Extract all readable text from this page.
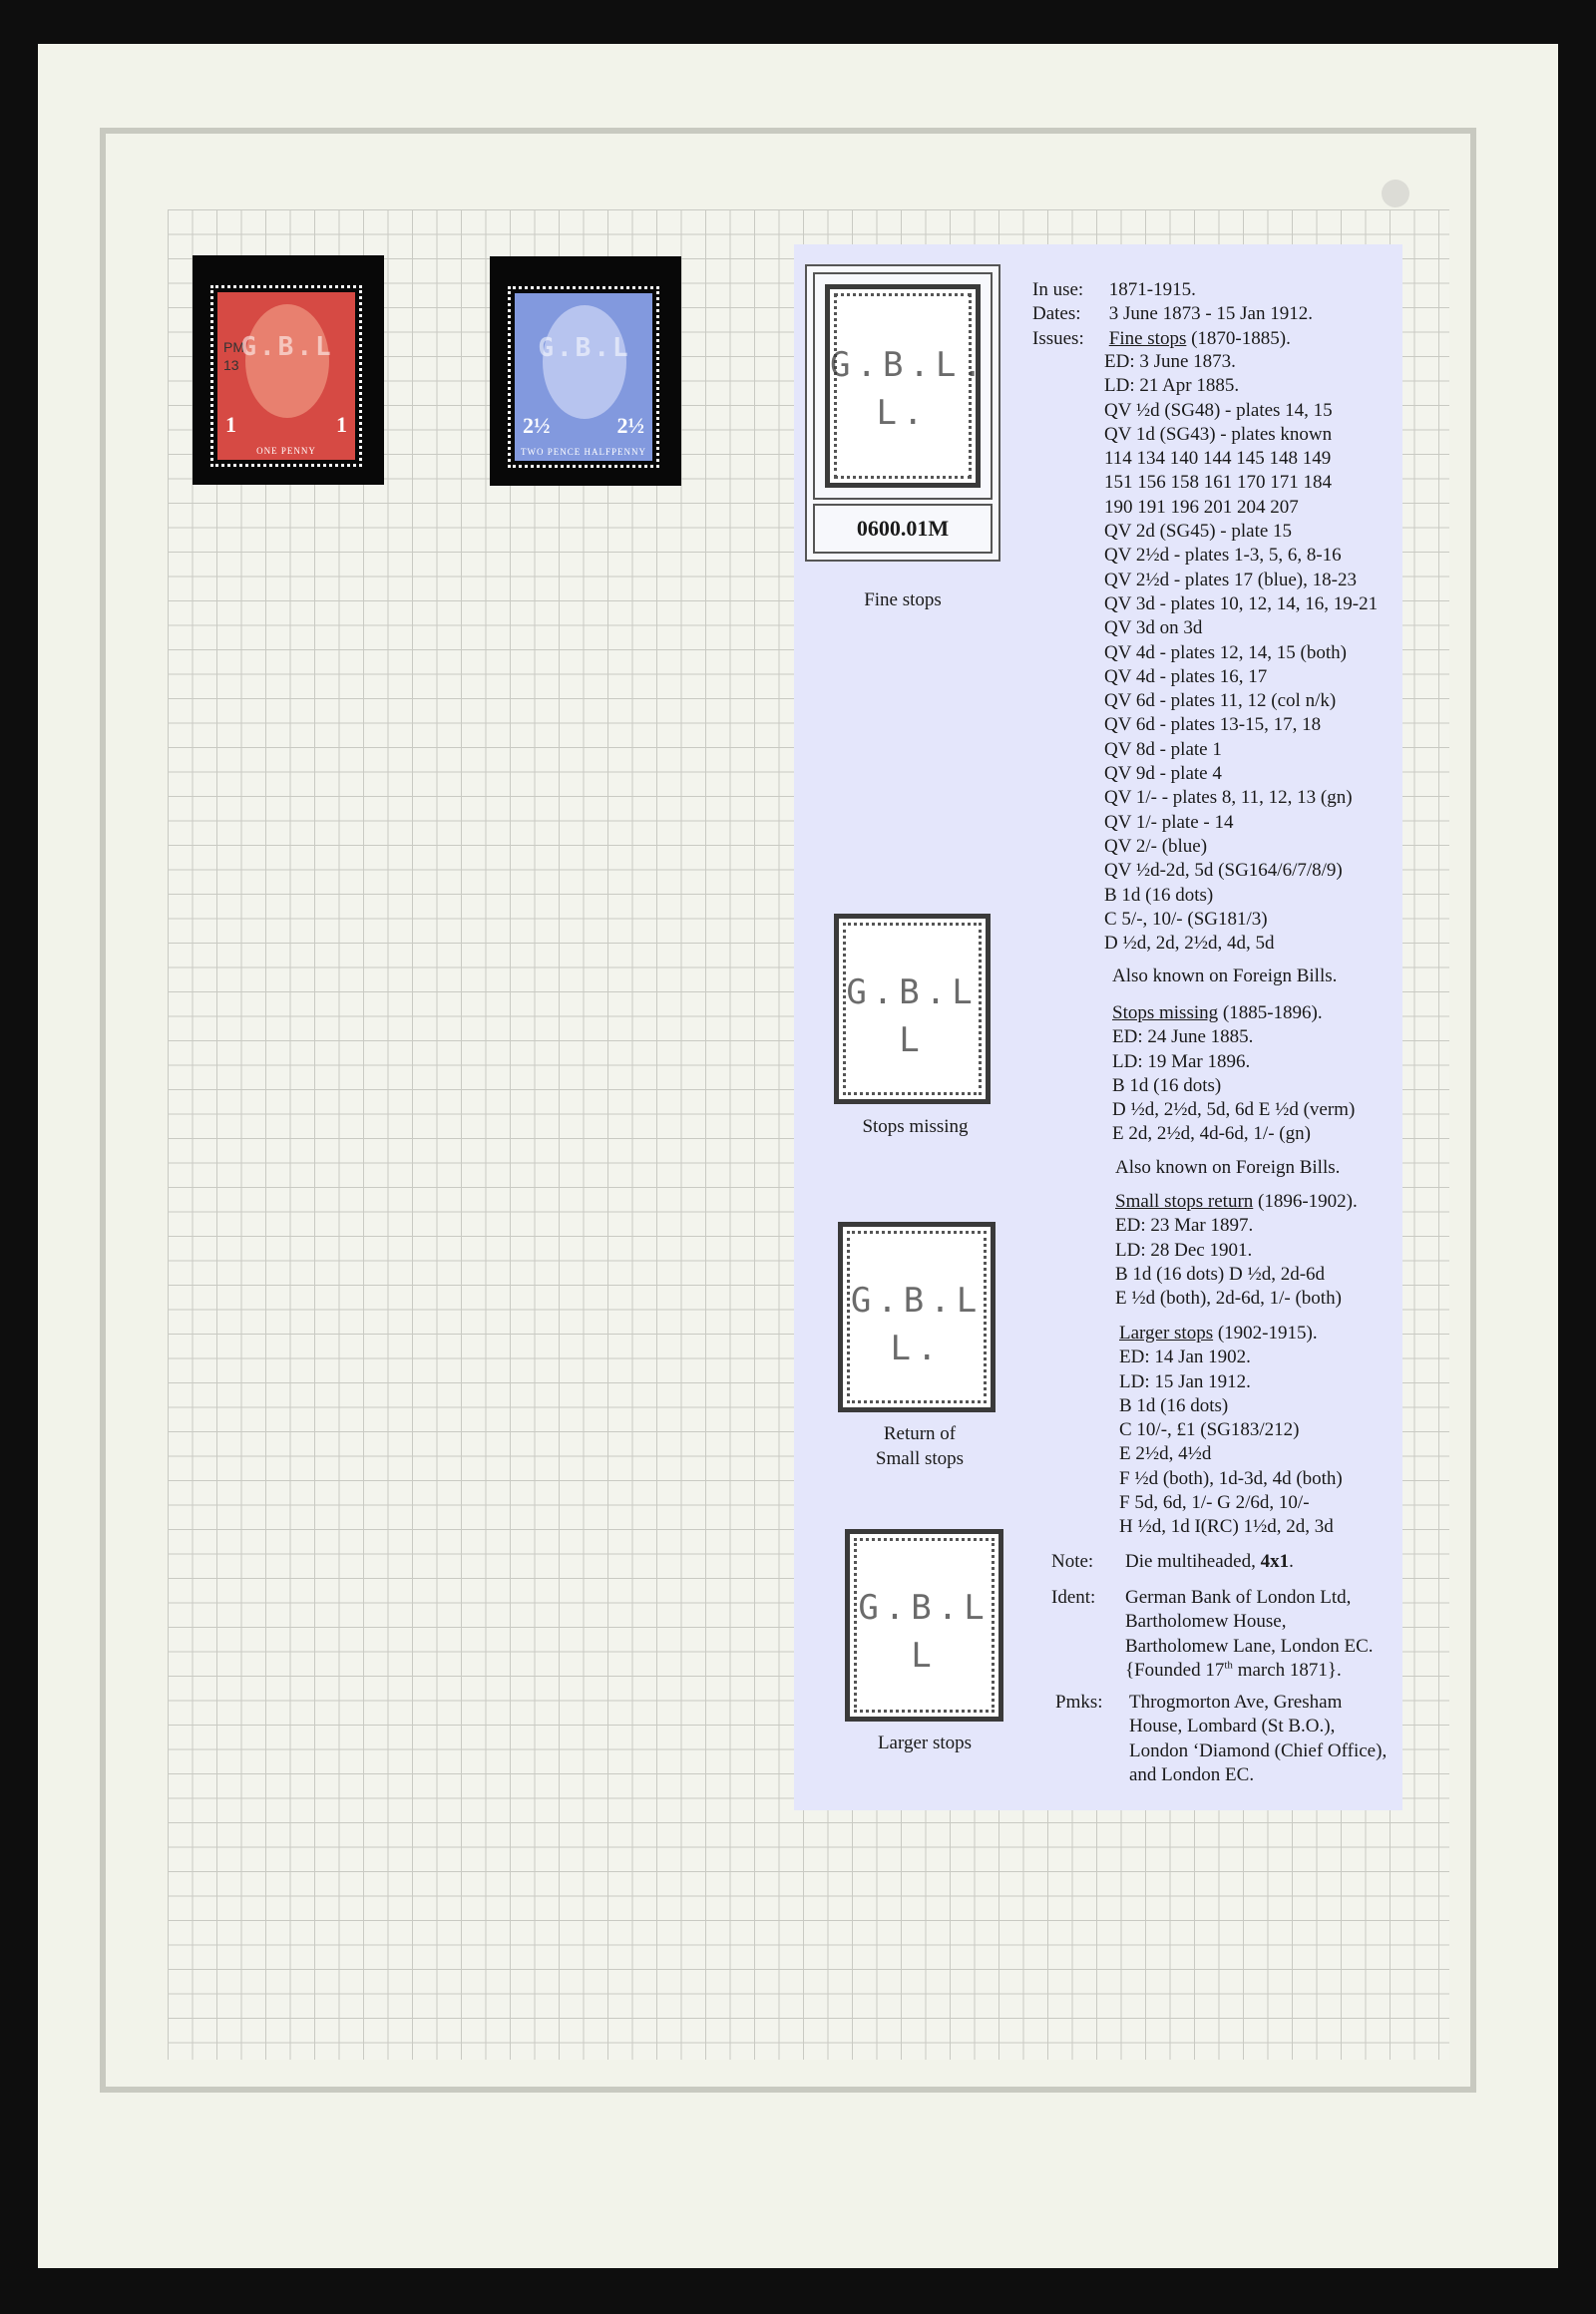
PM
13
G.B.L
1	1
ONE PENNY
G.B.L
2½	2½
TWO PENCE HALFPENNY
G.B.L.
L.
0600.01M
Fine stops
G.B.L
L
Stops missing
G.B.L
L.
Return of
Small stops
G.B.L
L
Larger stops
In use: 1871-1915.
Dates: 3 June 1873 - 15 Jan 1912.
Issues: Fine stops (1870-1885).
ED: 3 June 1873.
LD: 21 Apr 1885.
QV ½d (SG48) - plates 14, 15
QV 1d (SG43) - plates known
114 134 140 144 145 148 149
151 156 158 161 170 171 184
190 191 196 201 204 207
QV 2d (SG45) - plate 15
QV 2½d - plates 1-3, 5, 6, 8-16
QV 2½d - plates 17 (blue), 18-23
QV 3d - plates 10, 12, 14, 16, 19-21
QV 3d on 3d
QV 4d - plates 12, 14, 15 (both)
QV 4d - plates 16, 17
QV 6d - plates 11, 12 (col n/k)
QV 6d - plates 13-15, 17, 18
QV 8d - plate 1
QV 9d - plate 4
QV 1/- - plates 8, 11, 12, 13 (gn)
QV 1/- plate - 14
QV 2/- (blue)
QV ½d-2d, 5d (SG164/6/7/8/9)
B 1d (16 dots)
C 5/-, 10/- (SG181/3)
D ½d, 2d, 2½d, 4d, 5d
Also known on Foreign Bills.
Stops missing (1885-1896).
ED: 24 June 1885.
LD: 19 Mar 1896.
B 1d (16 dots)
D ½d, 2½d, 5d, 6d E ½d (verm)
E 2d, 2½d, 4d-6d, 1/- (gn)
Also known on Foreign Bills.
Small stops return (1896-1902).
ED: 23 Mar 1897.
LD: 28 Dec 1901.
B 1d (16 dots) D ½d, 2d-6d
E ½d (both), 2d-6d, 1/- (both)
Larger stops (1902-1915).
ED: 14 Jan 1902.
LD: 15 Jan 1912.
B 1d (16 dots)
C 10/-, £1 (SG183/212)
E 2½d, 4½d
F ½d (both), 1d-3d, 4d (both)
F 5d, 6d, 1/- G 2/6d, 10/-
H ½d, 1d I(RC) 1½d, 2d, 3d
Note: Die multiheaded, 4x1.
Ident: German Bank of London Ltd,
Bartholomew House,
Bartholomew Lane, London EC.
{Founded 17th march 1871}.
Pmks: Throgmorton Ave, Gresham
House, Lombard (St B.O.),
London ‘Diamond (Chief Office),
and London EC.
